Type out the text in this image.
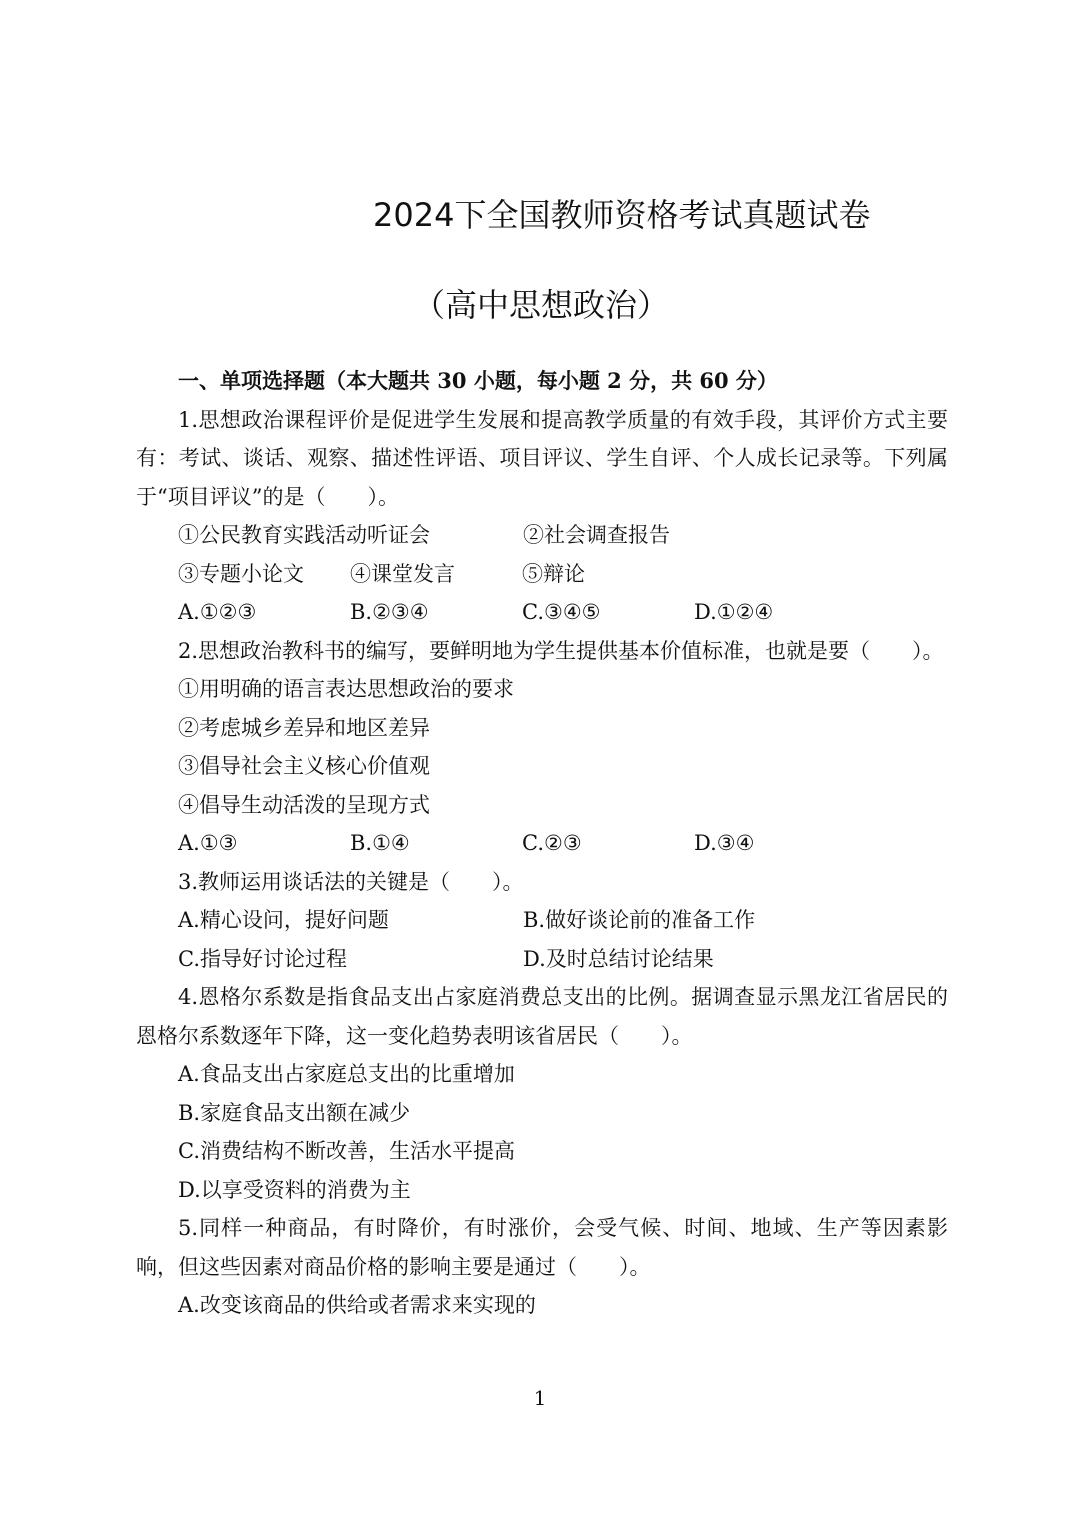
2024下全国教师资格考试真题试卷
（高中思想政治）
一、单项选择题（本大题共 30 小题，每小题 2 分，共 60 分）

1.思想政治课程评价是促进学生发展和提高教学质量的有效手段，其评价方式主要有：考试、谈话、观察、描述性评语、项目评议、学生自评、个人成长记录等。下列属于“项目评议”的是（　　）。

①公民教育实践活动听证会	②社会调查报告
③专题小论文	④课堂发言	⑤辩论
A.①②③	B.②③④	C.③④⑤	D.①②④

2.思想政治教科书的编写，要鲜明地为学生提供基本价值标准，也就是要（　　）。

①用明确的语言表达思想政治的要求
②考虑城乡差异和地区差异
③倡导社会主义核心价值观
④倡导生动活泼的呈现方式
A.①③	B.①④	C.②③	D.③④

3.教师运用谈话法的关键是（　　）。

A.精心设问，提好问题	B.做好谈论前的准备工作
C.指导好讨论过程	D.及时总结讨论结果

4.恩格尔系数是指食品支出占家庭消费总支出的比例。据调查显示黑龙江省居民的恩格尔系数逐年下降，这一变化趋势表明该省居民（　　）。

A.食品支出占家庭总支出的比重增加
B.家庭食品支出额在减少
C.消费结构不断改善，生活水平提高
D.以享受资料的消费为主

5.同样一种商品，有时降价，有时涨价，会受气候、时间、地域、生产等因素影响，但这些因素对商品价格的影响主要是通过（　　）。

A.改变该商品的供给或者需求来实现的
1
